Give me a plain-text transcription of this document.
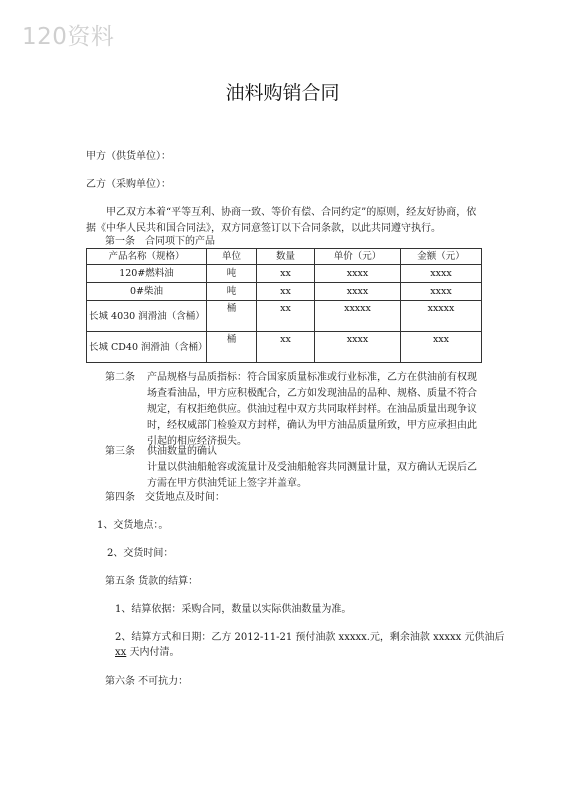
120资料
油料购销合同
甲方（供货单位）：
乙方（采购单位）：
甲乙双方本着“平等互利、协商一致、等价有偿、合同约定”的原则，经友好协商，依据《中华人民共和国合同法》，双方同意签订以下合同条款，以此共同遵守执行。
第一条　合同项下的产品
产品名称（规格）	单位	数量	单价（元）	金额（元）
120#燃料油	吨	xx	xxxx	xxxx
0#柴油	吨	xx	xxxx	xxxx
长城 4030 润滑油（含桶）	桶	xx	xxxxx	xxxxx
长城 CD40 润滑油（含桶）	桶	xx	xxxx	xxx
第二条	产品规格与品质指标：符合国家质量标准或行业标准，乙方在供油前有权现场查看油品，甲方应积极配合，乙方如发现油品的品种、规格、质量不符合规定，有权拒绝供应。供油过程中双方共同取样封样。在油品质量出现争议时，经权威部门检验双方封样，确认为甲方油品质量所致，甲方应承担由此引起的相应经济损失。
第三条	供油数量的确认
计量以供油船舱容或流量计及受油船舱容共同测量计量，双方确认无误后乙方需在甲方供油凭证上签字并盖章。
第四条　交货地点及时间：
1、交货地点：。
2、交货时间：
第五条 货款的结算：
1、结算依据：采购合同，数量以实际供油数量为准。
2、结算方式和日期：乙方 2012-11-21 预付油款 xxxxx.元，剩余油款 xxxxx 元供油后
xx 天内付清。
第六条 不可抗力：
